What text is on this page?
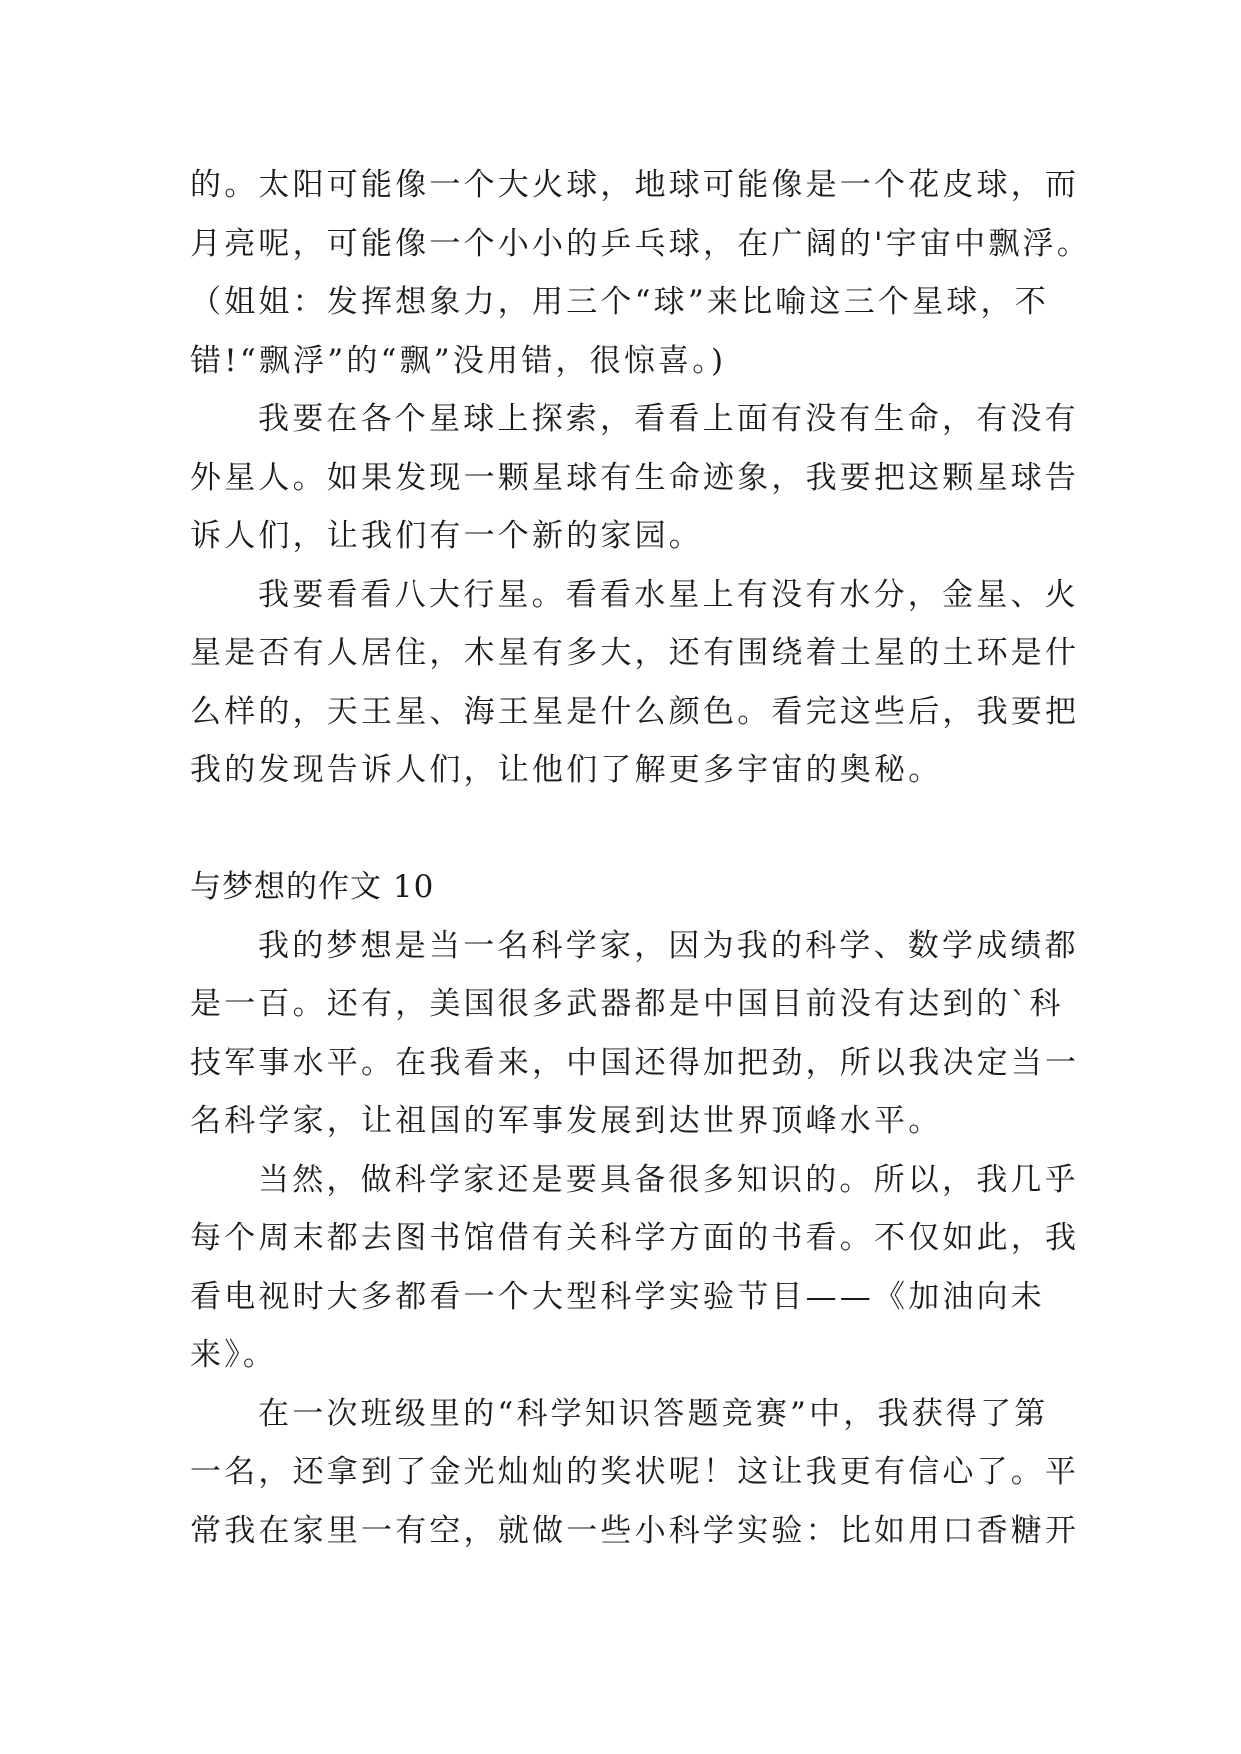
的。太阳可能像一个大火球，地球可能像是一个花皮球，而
月亮呢，可能像一个小小的乒乓球，在广阔的'宇宙中飘浮。
（姐姐：发挥想象力，用三个“球”来比喻这三个星球，不
错!“飘浮”的“飘”没用错，很惊喜。)
我要在各个星球上探索，看看上面有没有生命，有没有
外星人。如果发现一颗星球有生命迹象，我要把这颗星球告
诉人们，让我们有一个新的家园。
我要看看八大行星。看看水星上有没有水分，金星、火
星是否有人居住，木星有多大，还有围绕着土星的土环是什
么样的，天王星、海王星是什么颜色。看完这些后，我要把
我的发现告诉人们，让他们了解更多宇宙的奥秘。
与梦想的作文 10
我的梦想是当一名科学家，因为我的科学、数学成绩都
是一百。还有，美国很多武器都是中国目前没有达到的`科
技军事水平。在我看来，中国还得加把劲，所以我决定当一
名科学家，让祖国的军事发展到达世界顶峰水平。
当然，做科学家还是要具备很多知识的。所以，我几乎
每个周末都去图书馆借有关科学方面的书看。不仅如此，我
看电视时大多都看一个大型科学实验节目——《加油向未
来》。
在一次班级里的“科学知识答题竞赛”中，我获得了第
一名，还拿到了金光灿灿的奖状呢！这让我更有信心了。平
常我在家里一有空，就做一些小科学实验：比如用口香糖开
